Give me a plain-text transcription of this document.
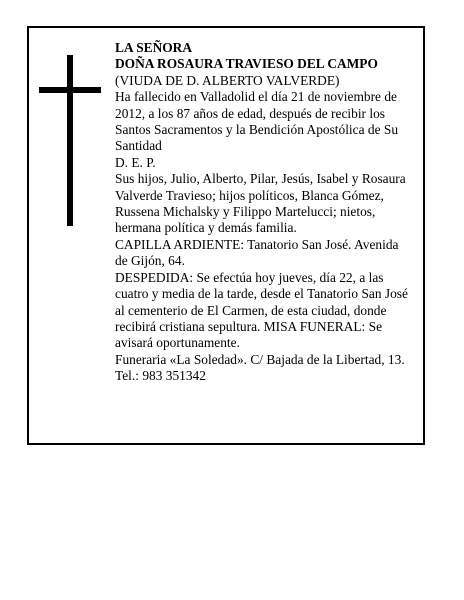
LA SEÑORA

DOÑA ROSAURA TRAVIESO DEL CAMPO

(VIUDA DE D. ALBERTO VALVERDE)

Ha fallecido en Valladolid el día 21 de noviembre de 2012, a los 87 años de edad, después de recibir los Santos Sacramentos y la Bendición Apostólica de Su Santidad

D. E. P.

Sus hijos, Julio, Alberto, Pilar, Jesús, Isabel y Rosaura Valverde Travieso; hijos políticos, Blanca Gómez, Russena Michalsky y Filippo Martelucci; nietos, hermana política y demás familia.

CAPILLA ARDIENTE: Tanatorio San José. Avenida de Gijón, 64.

DESPEDIDA: Se efectúa hoy jueves, día 22, a las cuatro y media de la tarde, desde el Tanatorio San José al cementerio de El Carmen, de esta ciudad, donde recibirá cristiana sepultura. MISA FUNERAL: Se avisará oportunamente.

Funeraria «La Soledad». C/ Bajada de la Libertad, 13. Tel.: 983 351342
